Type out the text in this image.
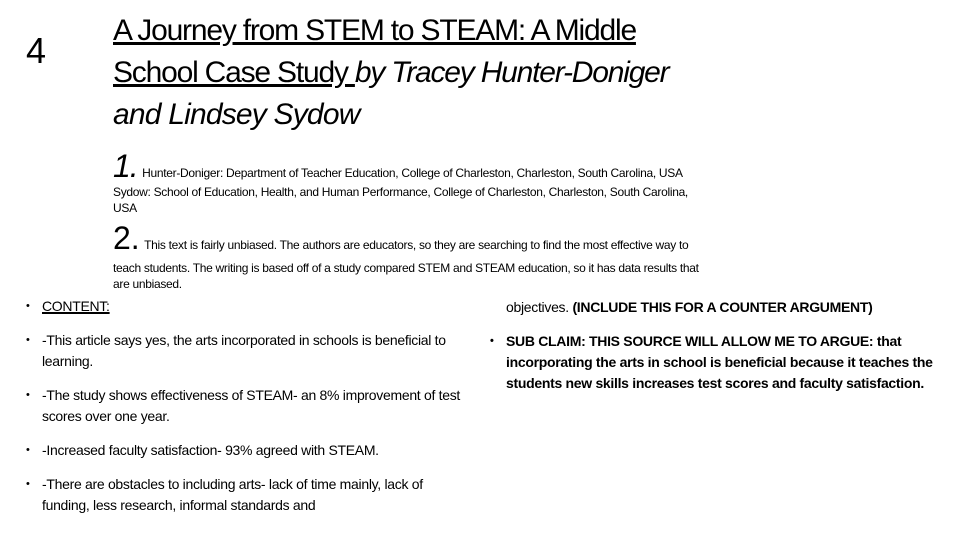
4 A Journey from STEM to STEAM: A Middle
School Case Study by Tracey Hunter-Doniger
and Lindsey Sydow
1. Hunter-Doniger: Department of Teacher Education, College of Charleston, Charleston, South Carolina, USA
Sydow: School of Education, Health, and Human Performance, College of Charleston, Charleston, South Carolina,
USA
2. This text is fairly unbiased. The authors are educators, so they are searching to find the most effective way to
teach students. The writing is based off of a study compared STEM and STEAM education, so it has data results that
are unbiased.
• CONTENT:
• -This article says yes, the arts incorporated in schools is beneficial to learning.
• -The study shows effectiveness of STEAM- an 8% improvement of test scores over one year.
• -Increased faculty satisfaction- 93% agreed with STEAM.
• -There are obstacles to including arts- lack of time mainly, lack of funding, less research, informal standards and
objectives. (INCLUDE THIS FOR A COUNTER ARGUMENT)
• SUB CLAIM: THIS SOURCE WILL ALLOW ME TO ARGUE: that incorporating the arts in school is beneficial because it teaches the students new skills increases test scores and faculty satisfaction.
